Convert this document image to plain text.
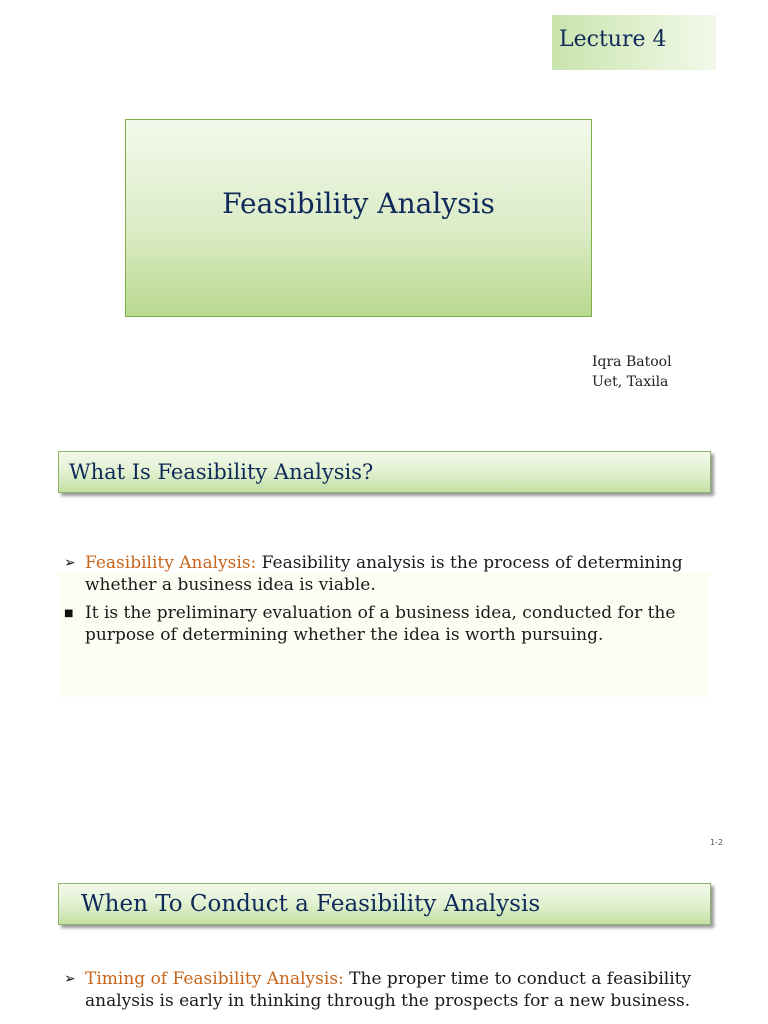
Lecture 4
Feasibility Analysis
Iqra Batool
Uet, Taxila
What Is Feasibility Analysis?
➢ Feasibility Analysis: Feasibility analysis is the process of determining whether a business idea is viable.
■ It is the preliminary evaluation of a business idea, conducted for the purpose of determining whether the idea is worth pursuing.
1-2
When To Conduct a Feasibility Analysis
➢ Timing of Feasibility Analysis: The proper time to conduct a feasibility analysis is early in thinking through the prospects for a new business.
